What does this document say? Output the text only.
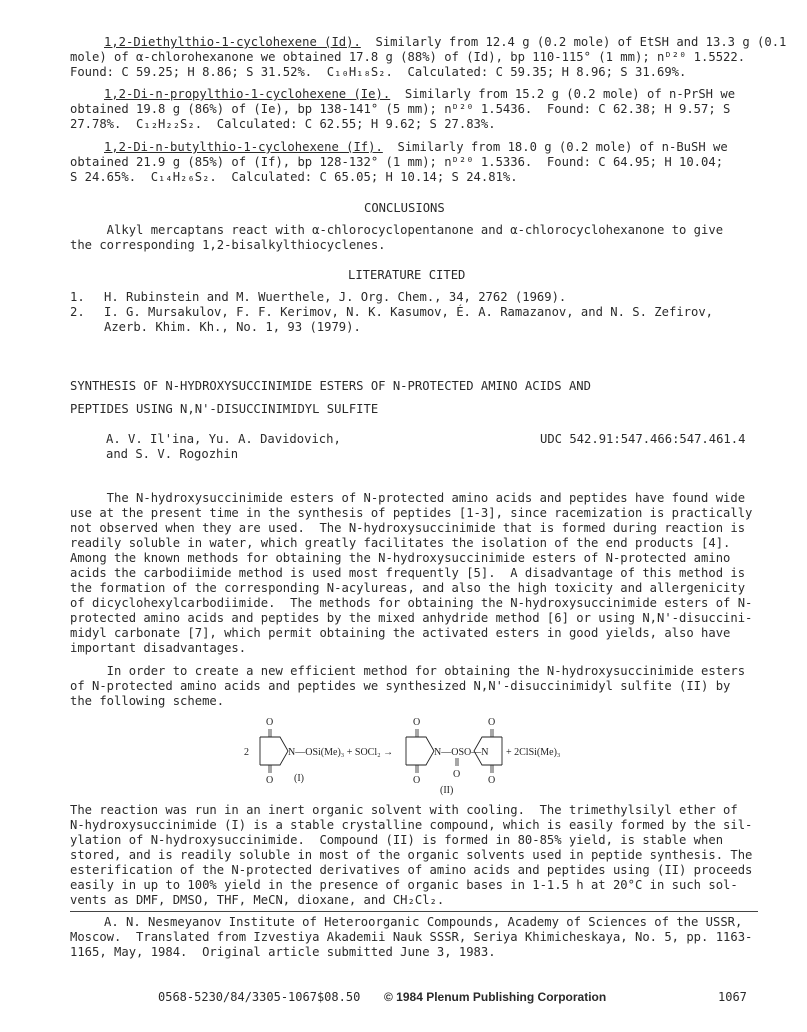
1,2-Diethylthio-1-cyclohexene (Id).  Similarly from 12.4 g (0.2 mole) of EtSH and 13.3 g (0.1
mole) of α-chlorohexanone we obtained 17.8 g (88%) of (Id), bp 110-115° (1 mm); nᴰ²⁰ 1.5522.
Found: C 59.25; H 8.86; S 31.52%.  C₁₀H₁₈S₂.  Calculated: C 59.35; H 8.96; S 31.69%.
1,2-Di-n-propylthio-1-cyclohexene (Ie).  Similarly from 15.2 g (0.2 mole) of n-PrSH we
obtained 19.8 g (86%) of (Ie), bp 138-141° (5 mm); nᴰ²⁰ 1.5436.  Found: C 62.38; H 9.57; S
27.78%.  C₁₂H₂₂S₂.  Calculated: C 62.55; H 9.62; S 27.83%.
1,2-Di-n-butylthio-1-cyclohexene (If).  Similarly from 18.0 g (0.2 mole) of n-BuSH we
obtained 21.9 g (85%) of (If), bp 128-132° (1 mm); nᴰ²⁰ 1.5336.  Found: C 64.95; H 10.04;
S 24.65%.  C₁₄H₂₆S₂.  Calculated: C 65.05; H 10.14; S 24.81%.
CONCLUSIONS
Alkyl mercaptans react with α-chlorocyclopentanone and α-chlorocyclohexanone to give
the corresponding 1,2-bisalkylthiocyclenes.
LITERATURE CITED
1. H. Rubinstein and M. Wuerthele, J. Org. Chem., 34, 2762 (1969).
2. I. G. Mursakulov, F. F. Kerimov, N. K. Kasumov, É. A. Ramazanov, and N. S. Zefirov,
Azerb. Khim. Kh., No. 1, 93 (1979).
SYNTHESIS OF N-HYDROXYSUCCINIMIDE ESTERS OF N-PROTECTED AMINO ACIDS AND
PEPTIDES USING N,N'-DISUCCINIMIDYL SULFITE
A. V. Il'ina, Yu. A. Davidovich,
and S. V. Rogozhin
UDC 542.91:547.466:547.461.4
The N-hydroxysuccinimide esters of N-protected amino acids and peptides have found wide
use at the present time in the synthesis of peptides [1-3], since racemization is practically
not observed when they are used.  The N-hydroxysuccinimide that is formed during reaction is
readily soluble in water, which greatly facilitates the isolation of the end products [4].
Among the known methods for obtaining the N-hydroxysuccinimide esters of N-protected amino
acids the carbodiimide method is used most frequently [5].  A disadvantage of this method is
the formation of the corresponding N-acylureas, and also the high toxicity and allergenicity
of dicyclohexylcarbodiimide.  The methods for obtaining the N-hydroxysuccinimide esters of N-
protected amino acids and peptides by the mixed anhydride method [6] or using N,N'-disuccini-
midyl carbonate [7], which permit obtaining the activated esters in good yields, also have
important disadvantages.
In order to create a new efficient method for obtaining the N-hydroxysuccinimide esters
of N-protected amino acids and peptides we synthesized N,N'-disuccinimidyl sulfite (II) by
the following scheme.
O
O
2	N—OSi(Me)₃ + SOCl₂ →
(I)
O
O
N—OSO—N
O
(II)
O
O
+ 2ClSi(Me)₃
The reaction was run in an inert organic solvent with cooling.  The trimethylsilyl ether of
N-hydroxysuccinimide (I) is a stable crystalline compound, which is easily formed by the sil-
ylation of N-hydroxysuccinimide.  Compound (II) is formed in 80-85% yield, is stable when
stored, and is readily soluble in most of the organic solvents used in peptide synthesis. The
esterification of the N-protected derivatives of amino acids and peptides using (II) proceeds
easily in up to 100% yield in the presence of organic bases in 1-1.5 h at 20°C in such sol-
vents as DMF, DMSO, THF, MeCN, dioxane, and CH₂Cl₂.
A. N. Nesmeyanov Institute of Heteroorganic Compounds, Academy of Sciences of the USSR,
Moscow.  Translated from Izvestiya Akademii Nauk SSSR, Seriya Khimicheskaya, No. 5, pp. 1163-
1165, May, 1984.  Original article submitted June 3, 1983.
0568-5230/84/3305-1067$08.50 © 1984 Plenum Publishing Corporation	1067
